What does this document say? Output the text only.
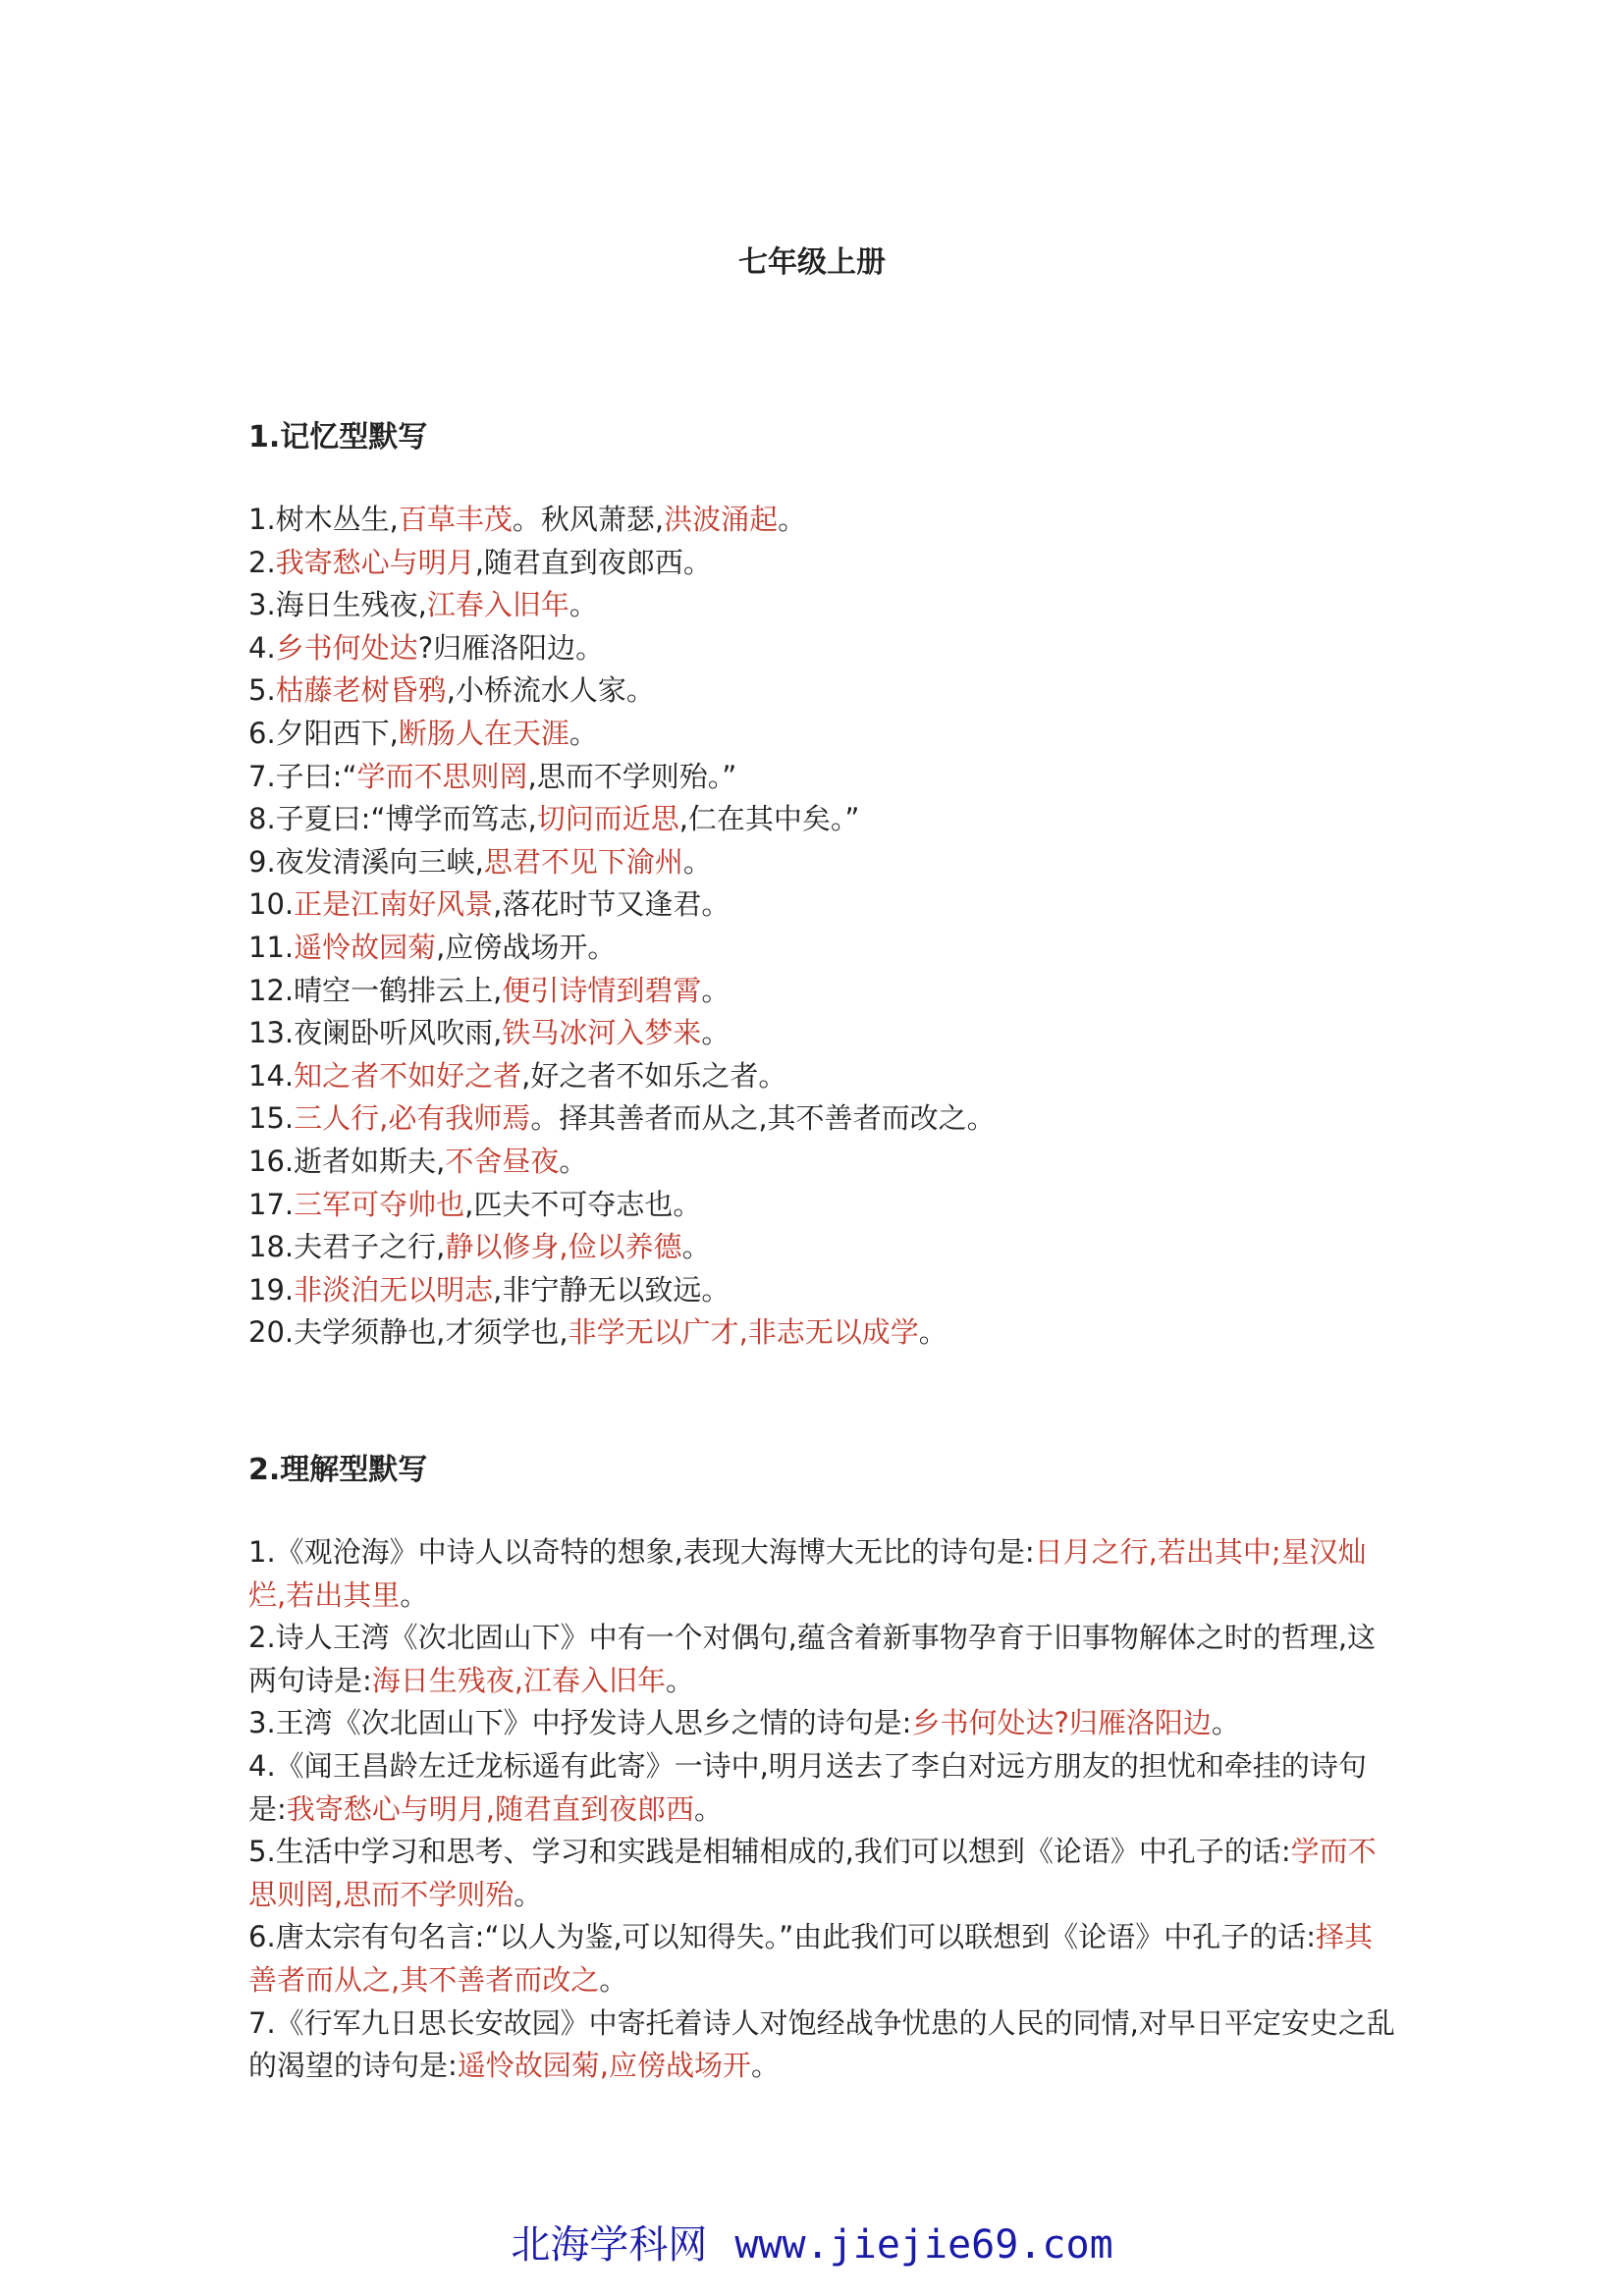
七年级上册
1.记忆型默写
1.树木丛生,百草丰茂。秋风萧瑟,洪波涌起。
2.我寄愁心与明月,随君直到夜郎西。
3.海日生残夜,江春入旧年。
4.乡书何处达?归雁洛阳边。
5.枯藤老树昏鸦,小桥流水人家。
6.夕阳西下,断肠人在天涯。
7.子曰:“学而不思则罔,思而不学则殆。”
8.子夏曰:“博学而笃志,切问而近思,仁在其中矣。”
9.夜发清溪向三峡,思君不见下渝州。
10.正是江南好风景,落花时节又逢君。
11.遥怜故园菊,应傍战场开。
12.晴空一鹤排云上,便引诗情到碧霄。
13.夜阑卧听风吹雨,铁马冰河入梦来。
14.知之者不如好之者,好之者不如乐之者。
15.三人行,必有我师焉。择其善者而从之,其不善者而改之。
16.逝者如斯夫,不舍昼夜。
17.三军可夺帅也,匹夫不可夺志也。
18.夫君子之行,静以修身,俭以养德。
19.非淡泊无以明志,非宁静无以致远。
20.夫学须静也,才须学也,非学无以广才,非志无以成学。
2.理解型默写
1.《观沧海》中诗人以奇特的想象,表现大海博大无比的诗句是:日月之行,若出其中;星汉灿烂,若出其里。
2.诗人王湾《次北固山下》中有一个对偶句,蕴含着新事物孕育于旧事物解体之时的哲理,这两句诗是:海日生残夜,江春入旧年。
3.王湾《次北固山下》中抒发诗人思乡之情的诗句是:乡书何处达?归雁洛阳边。
4.《闻王昌龄左迁龙标遥有此寄》一诗中,明月送去了李白对远方朋友的担忧和牵挂的诗句是:我寄愁心与明月,随君直到夜郎西。
5.生活中学习和思考、学习和实践是相辅相成的,我们可以想到《论语》中孔子的话:学而不思则罔,思而不学则殆。
6.唐太宗有句名言:“以人为鉴,可以知得失。”由此我们可以联想到《论语》中孔子的话:择其善者而从之,其不善者而改之。
7.《行军九日思长安故园》中寄托着诗人对饱经战争忧患的人民的同情,对早日平定安史之乱的渴望的诗句是:遥怜故园菊,应傍战场开。
北海学科网 www.jiejie69.com
